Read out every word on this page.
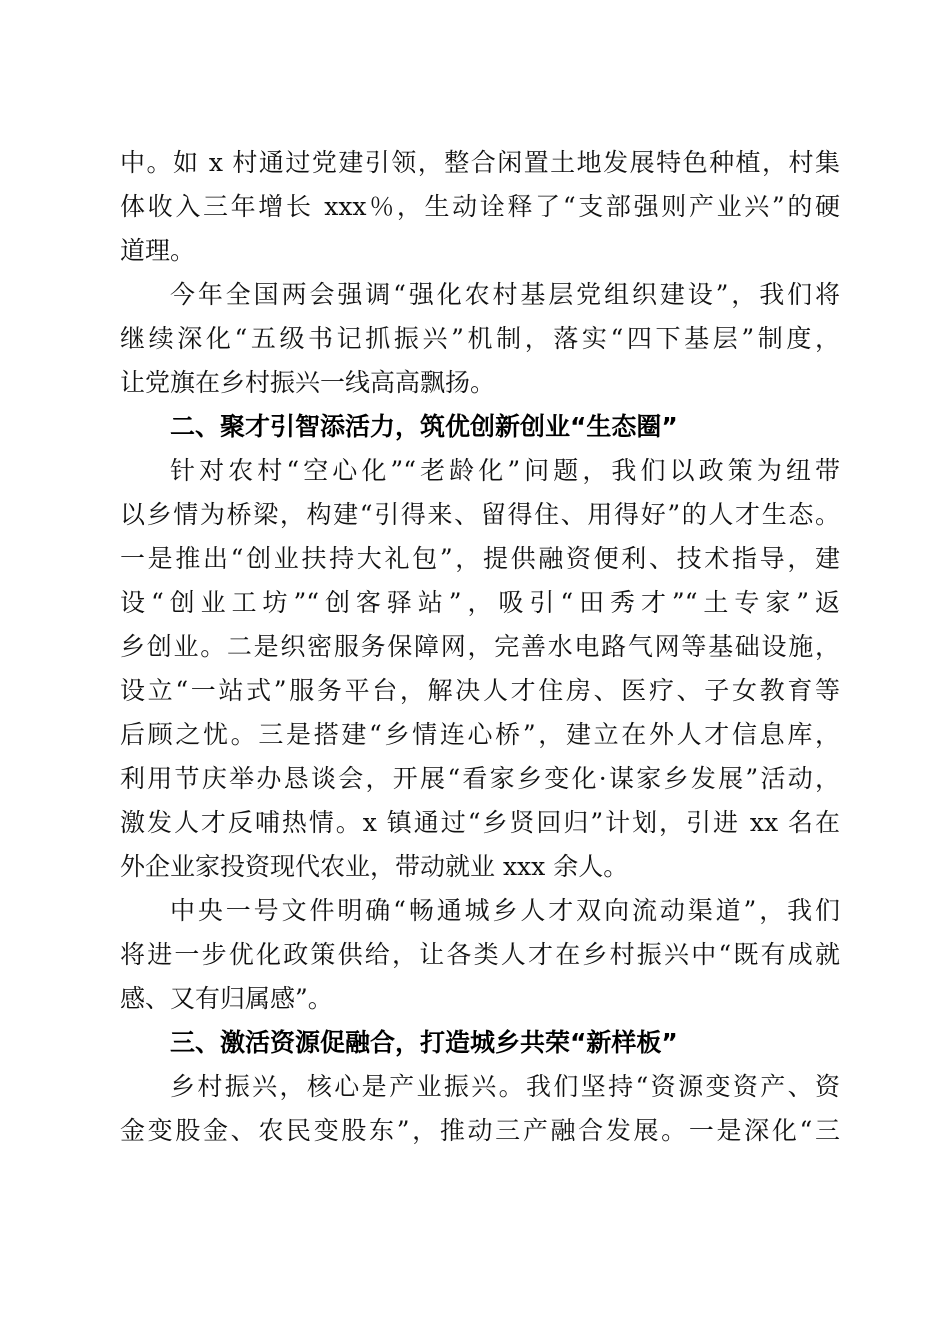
中。如 x 村通过党建引领，整合闲置土地发展特色种植，村集
体收入三年增长 xxx％，生动诠释了“支部强则产业兴”的硬
道理。
今年全国两会强调“强化农村基层党组织建设”，我们将
继续深化“五级书记抓振兴”机制，落实“四下基层”制度，
让党旗在乡村振兴一线高高飘扬。
二、聚才引智添活力，筑优创新创业“生态圈”
针对农村“空心化”“老龄化”问题，我们以政策为纽带
以乡情为桥梁，构建“引得来、留得住、用得好”的人才生态。
一是推出“创业扶持大礼包”，提供融资便利、技术指导，建
设“创业工坊”“创客驿站”，吸引“田秀才”“土专家”返
乡创业。二是织密服务保障网，完善水电路气网等基础设施，
设立“一站式”服务平台，解决人才住房、医疗、子女教育等
后顾之忧。三是搭建“乡情连心桥”，建立在外人才信息库，
利用节庆举办恳谈会，开展“看家乡变化·谋家乡发展”活动，
激发人才反哺热情。x 镇通过“乡贤回归”计划，引进 xx 名在
外企业家投资现代农业，带动就业 xxx 余人。
中央一号文件明确“畅通城乡人才双向流动渠道”，我们
将进一步优化政策供给，让各类人才在乡村振兴中“既有成就
感、又有归属感”。
三、激活资源促融合，打造城乡共荣“新样板”
乡村振兴，核心是产业振兴。我们坚持“资源变资产、资
金变股金、农民变股东”，推动三产融合发展。一是深化“三
